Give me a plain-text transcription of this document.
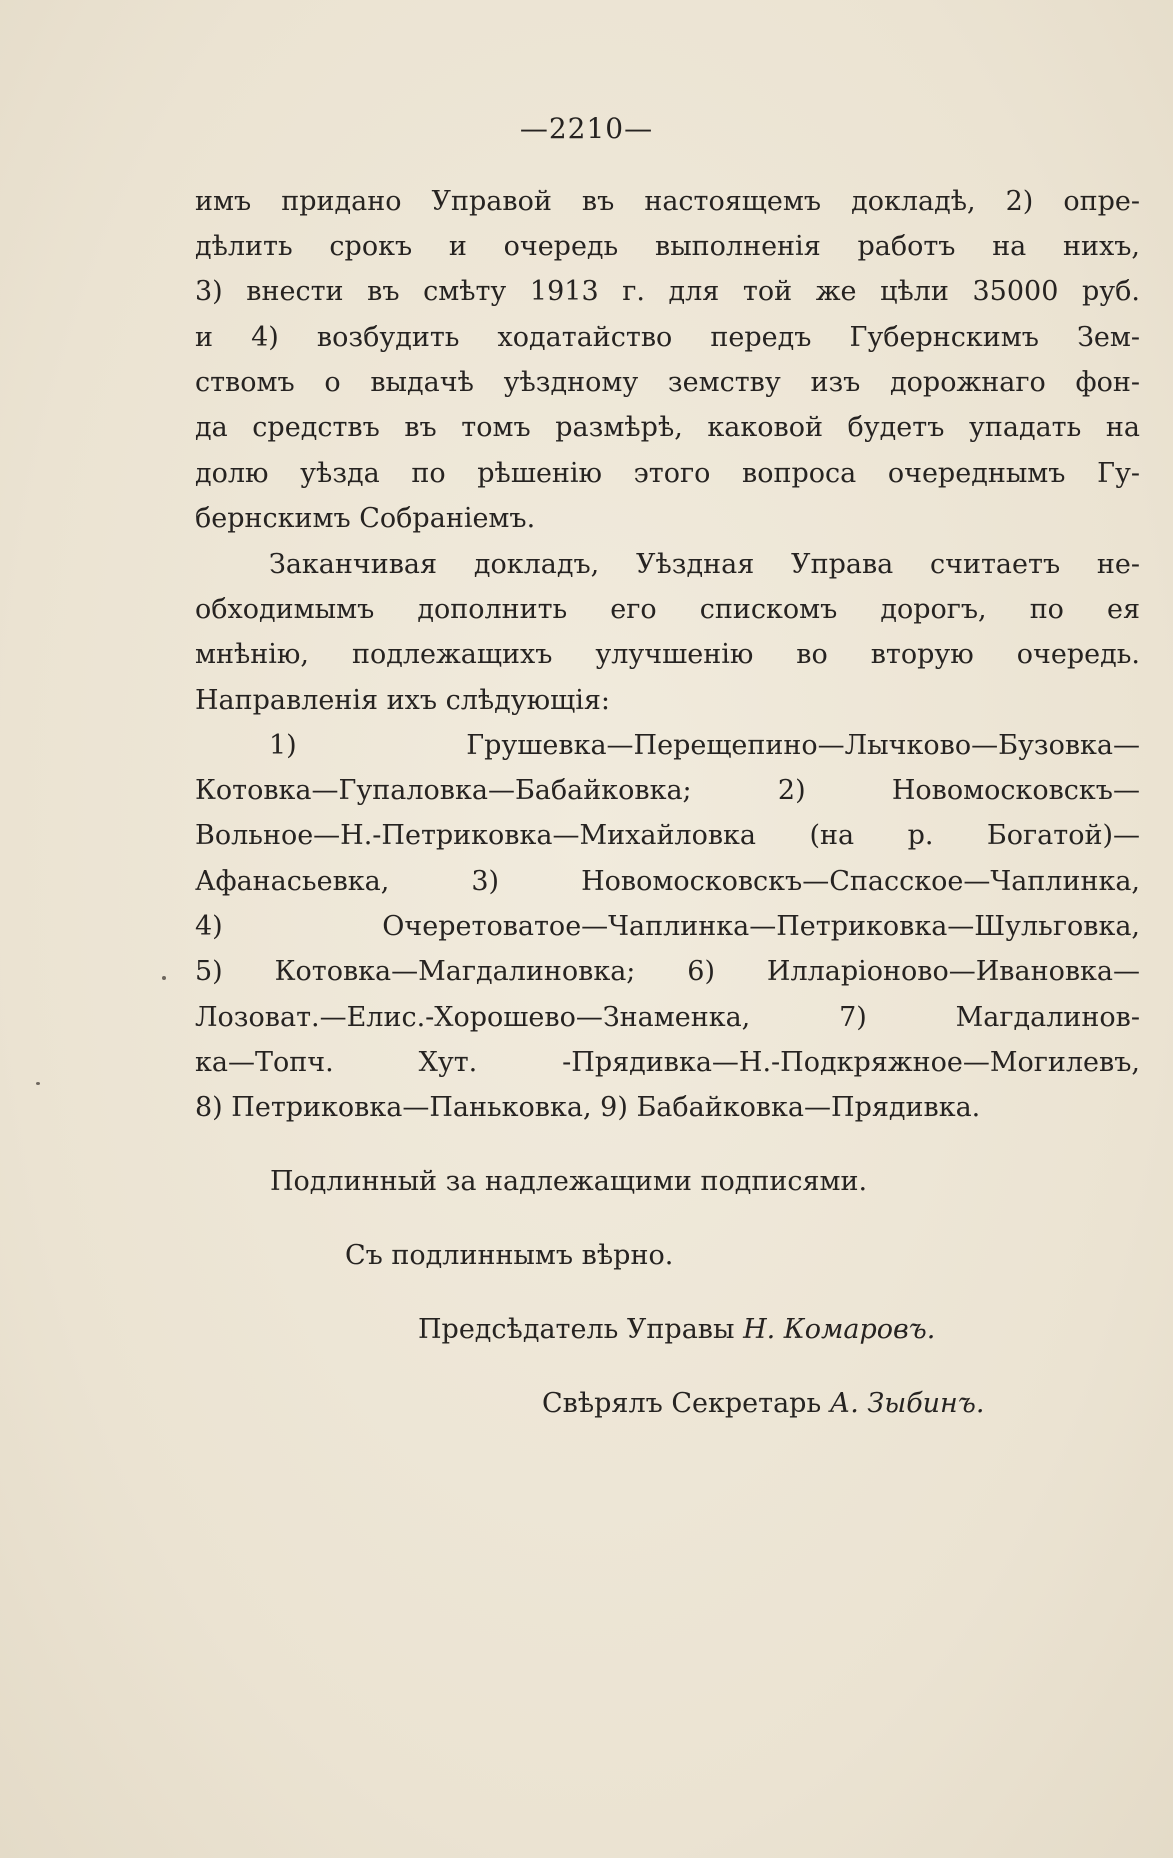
—2210—
имъ придано Управой въ настоящемъ докладѣ, 2) опре-
дѣлить срокъ и очередь выполненія работъ на нихъ,
3) внести въ смѣту 1913 г. для той же цѣли 35000 руб.
и 4) возбудить ходатайство передъ Губернскимъ Зем-
ствомъ о выдачѣ уѣздному земству изъ дорожнаго фон-
да средствъ въ томъ размѣрѣ, каковой будетъ упадать на
долю уѣзда по рѣшенію этого вопроса очереднымъ Гу-
бернскимъ Собраніемъ.
Заканчивая докладъ, Уѣздная Управа считаетъ не-
обходимымъ дополнить его спискомъ дорогъ, по ея
мнѣнію, подлежащихъ улучшенію во вторую очередь.
Направленія ихъ слѣдующія:
1) Грушевка—Перещепино—Лычково—Бузовка—
Котовка—Гупаловка—Бабайковка; 2) Новомосковскъ—
Вольное—Н.-Петриковка—Михайловка (на р. Богатой)—
Афанасьевка, 3) Новомосковскъ—Спасское—Чаплинка,
4) Очеретоватое—Чаплинка—Петриковка—Шульговка,
5) Котовка—Магдалиновка; 6) Илларіоново—Ивановка—
Лозоват.—Елис.-Хорошево—Знаменка, 7) Магдалинов-
ка—Топч. Хут. -Прядивка—Н.-Подкряжное—Могилевъ,
8) Петриковка—Паньковка, 9) Бабайковка—Прядивка.
Подлинный за надлежащими подписями.
Съ подлиннымъ вѣрно.
Предсѣдатель Управы Н. Комаровъ.
Свѣрялъ Секретарь А. Зыбинъ.
